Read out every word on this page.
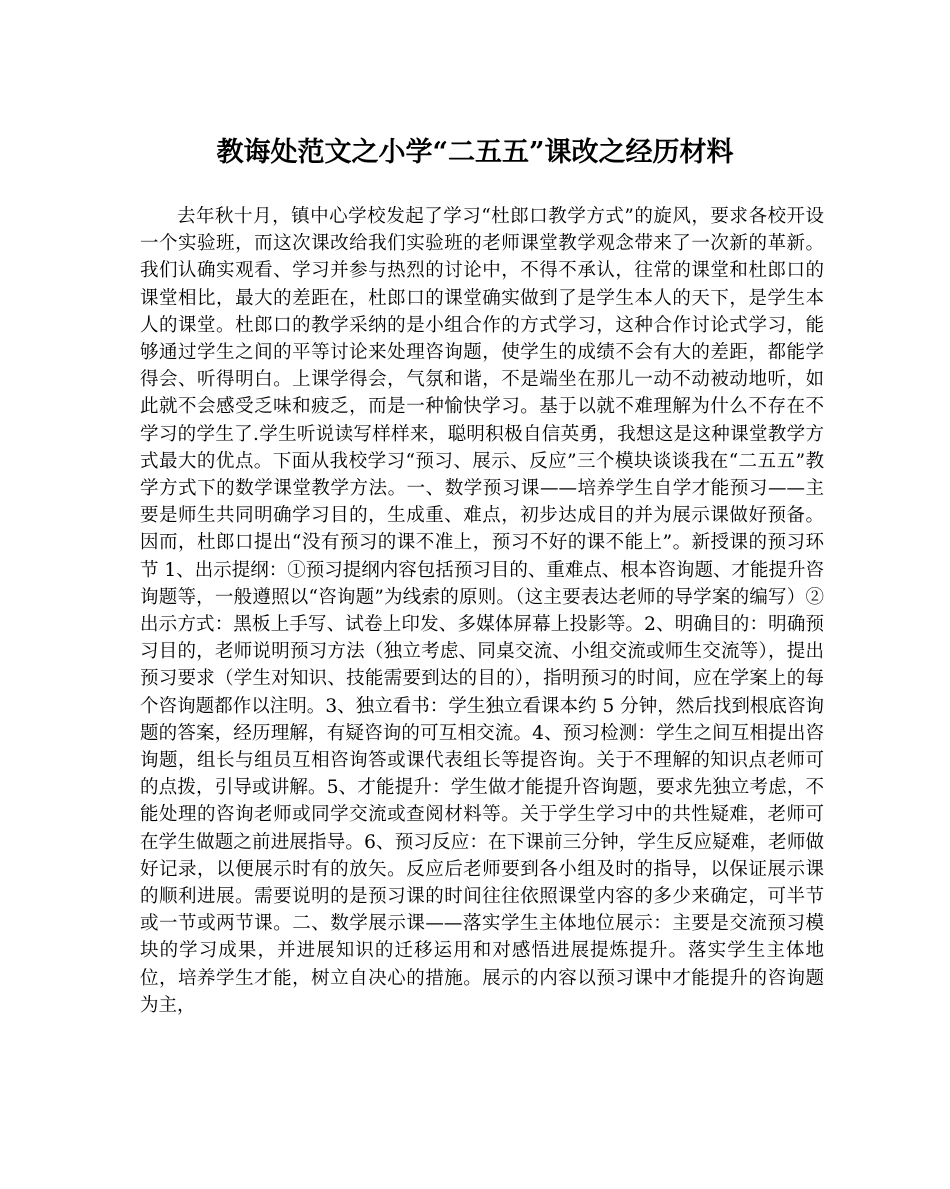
教诲处范文之小学“二五五”课改之经历材料

去年秋十月，镇中心学校发起了学习“杜郎口教学方式”的旋风，要求各校开设一个实验班，而这次课改给我们实验班的老师课堂教学观念带来了一次新的革新。我们认确实观看、学习并参与热烈的讨论中，不得不承认，往常的课堂和杜郎口的课堂相比，最大的差距在，杜郎口的课堂确实做到了是学生本人的天下，是学生本人的课堂。杜郎口的教学采纳的是小组合作的方式学习，这种合作讨论式学习，能够通过学生之间的平等讨论来处理咨询题，使学生的成绩不会有大的差距，都能学得会、听得明白。上课学得会，气氛和谐，不是端坐在那儿一动不动被动地听，如此就不会感受乏味和疲乏，而是一种愉快学习。基于以就不难理解为什么不存在不学习的学生了.学生听说读写样样来，聪明积极自信英勇，我想这是这种课堂教学方式最大的优点。下面从我校学习“预习、展示、反应”三个模块谈谈我在“二五五”教学方式下的数学课堂教学方法。一、数学预习课——培养学生自学才能预习——主要是师生共同明确学习目的，生成重、难点，初步达成目的并为展示课做好预备。因而，杜郎口提出“没有预习的课不准上，预习不好的课不能上”。新授课的预习环节 1、出示提纲：①预习提纲内容包括预习目的、重难点、根本咨询题、才能提升咨询题等，一般遵照以“咨询题”为线索的原则。（这主要表达老师的导学案的编写）②出示方式：黑板上手写、试卷上印发、多媒体屏幕上投影等。2、明确目的：明确预习目的，老师说明预习方法（独立考虑、同桌交流、小组交流或师生交流等），提出预习要求（学生对知识、技能需要到达的目的），指明预习的时间，应在学案上的每个咨询题都作以注明。3、独立看书：学生独立看课本约 5 分钟，然后找到根底咨询题的答案，经历理解，有疑咨询的可互相交流。4、预习检测：学生之间互相提出咨询题，组长与组员互相咨询答或课代表组长等提咨询。关于不理解的知识点老师可的点拨，引导或讲解。5、才能提升：学生做才能提升咨询题，要求先独立考虑，不能处理的咨询老师或同学交流或查阅材料等。关于学生学习中的共性疑难，老师可在学生做题之前进展指导。6、预习反应：在下课前三分钟，学生反应疑难，老师做好记录，以便展示时有的放矢。反应后老师要到各小组及时的指导，以保证展示课的顺利进展。需要说明的是预习课的时间往往依照课堂内容的多少来确定，可半节或一节或两节课。二、数学展示课——落实学生主体地位展示：主要是交流预习模块的学习成果，并进展知识的迁移运用和对感悟进展提炼提升。落实学生主体地位，培养学生才能，树立自决心的措施。展示的内容以预习课中才能提升的咨询题为主，
